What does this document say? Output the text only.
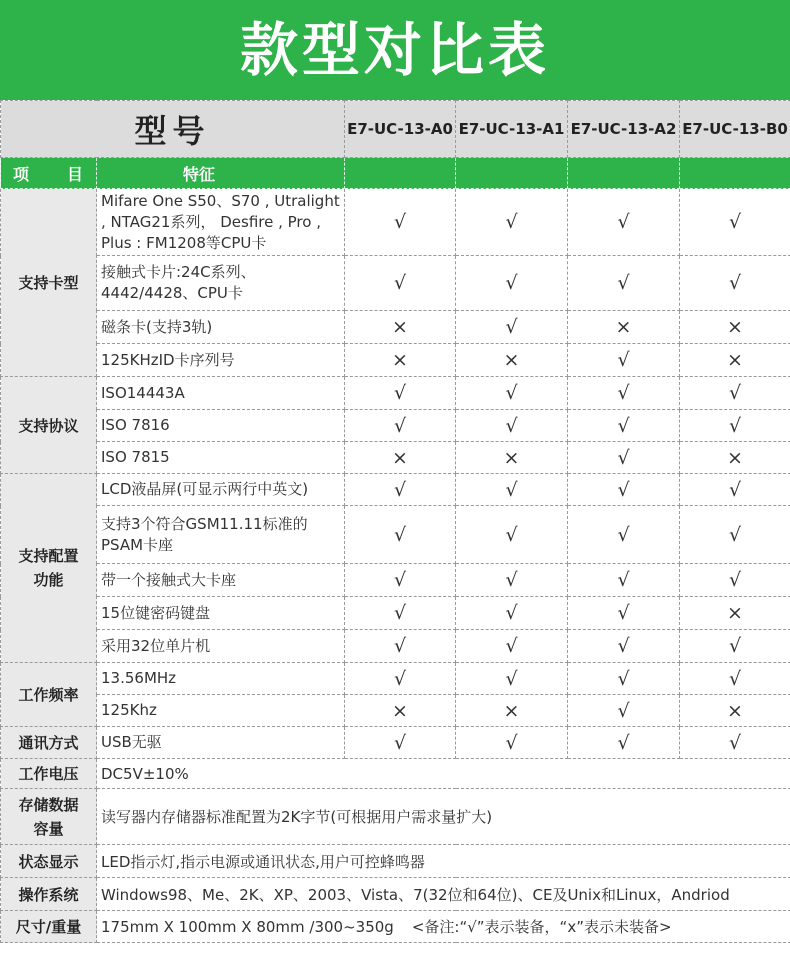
款型对比表
型号		E7-UC-13-A0	E7-UC-13-A1	E7-UC-13-A2	E7-UC-13-B0
项 目	特征				
支持卡型	Mifare One S50、S70 , Utralight , NTAG21系列， Desfire , Pro , Plus : FM1208等CPU卡	√	√	√	√
	接触式卡片:24C系列、4442/4428、CPU卡	√	√	√	√
	磁条卡(支持3轨)	×	√	×	×
	125KHzID卡序列号	×	×	√	×
支持协议	ISO14443A	√	√	√	√
	ISO 7816	√	√	√	√
	ISO 7815	×	×	√	×
支持配置功能	LCD液晶屏(可显示两行中英文)	√	√	√	√
	支持3个符合GSM11.11标准的PSAM卡座	√	√	√	√
	带一个接触式大卡座	√	√	√	√
	15位键密码键盘	√	√	√	×
	采用32位单片机	√	√	√	√
工作频率	13.56MHz	√	√	√	√
	125Khz	×	×	√	×
通讯方式	USB无驱	√	√	√	√
工作电压	DC5V±10%				
存储数据容量	读写器内存储器标准配置为2K字节(可根据用户需求量扩大)				
状态显示	LED指示灯,指示电源或通讯状态,用户可控蜂鸣器				
操作系统	Windows98、Me、2K、XP、2003、Vista、7(32位和64位)、CE及Unix和Linux，Andriod				
尺寸/重量	175mm X 100mm X 80mm /300~350g <备注:“√”表示装备，“x”表示未装备>				
